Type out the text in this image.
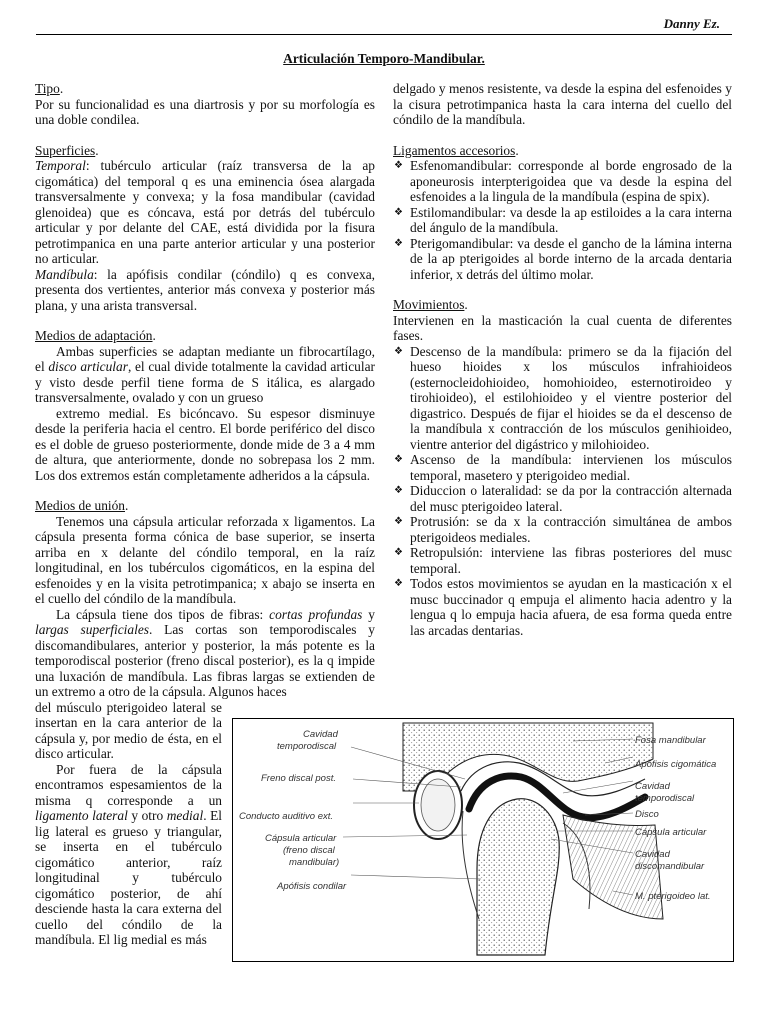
Danny Ez.
Articulación Temporo-Mandibular.

Tipo.

Por su funcionalidad es una diartrosis y por su morfología es una doble condilea.

Superficies.

Temporal: tubérculo articular (raíz transversa de la ap cigomática) del temporal q es una eminencia ósea alargada transversalmente y convexa; y la fosa mandibular (cavidad glenoidea) que es cóncava, está por detrás del tubérculo articular y por delante del CAE, está dividida por la fisura petrotimpanica en una parte anterior articular y una posterior no articular.

Mandíbula: la apófisis condilar (cóndilo) q es convexa, presenta dos vertientes, anterior más convexa y posterior más plana, y una arista transversal.

Medios de adaptación.

Ambas superficies se adaptan mediante un fibrocartílago, el disco articular, el cual divide totalmente la cavidad articular y visto desde perfil tiene forma de S itálica, es alargado transversalmente, ovalado y con un grueso

extremo medial. Es bicóncavo. Su espesor disminuye desde la periferia hacia el centro. El borde periférico del disco es el doble de grueso posteriormente, donde mide de 3 a 4 mm de altura, que anteriormente, donde no sobrepasa los 2 mm. Los dos extremos están completamente adheridos a la cápsula.

Medios de unión.

Tenemos una cápsula articular reforzada x ligamentos. La cápsula presenta forma cónica de base superior, se inserta arriba en x delante del cóndilo temporal, en la raíz longitudinal, en los tubérculos cigomáticos, en la espina del esfenoides y en la visita petrotimpanica; x abajo se inserta en el cuello del cóndilo de la mandíbula.

La cápsula tiene dos tipos de fibras: cortas profundas y largas superficiales. Las cortas son temporodiscales y discomandibulares, anterior y posterior, la más potente es la temporodiscal posterior (freno discal posterior), es la q impide una luxación de mandíbula. Las fibras largas se extienden de un extremo a otro de la cápsula. Algunos haces

del músculo pterigoideo lateral se insertan en la cara anterior de la cápsula y, por medio de ésta, en el disco articular.

Por fuera de la cápsula encontramos espesamientos de la misma q corresponde a un ligamento lateral y otro medial. El lig lateral es grueso y triangular, se inserta en el tubérculo cigomático anterior, raíz longitudinal y tubérculo cigomático posterior, de ahí desciende hasta la cara externa del cuello del cóndilo de la mandíbula. El lig medial es más

delgado y menos resistente, va desde la espina del esfenoides y la cisura petrotimpanica hasta la cara interna del cuello del cóndilo de la mandíbula.

Ligamentos accesorios.

❖ Esfenomandibular: corresponde al borde engrosado de la aponeurosis interpterigoidea que va desde la espina del esfenoides a la lingula de la mandíbula (espina de spix).

❖ Estilomandibular: va desde la ap estiloides a la cara interna del ángulo de la mandíbula.

❖ Pterigomandibular: va desde el gancho de la lámina interna de la ap pterigoides al borde interno de la arcada dentaria inferior, x detrás del último molar.

Movimientos.

Intervienen en la masticación la cual cuenta de diferentes fases.

❖ Descenso de la mandíbula: primero se da la fijación del hueso hioides x los músculos infrahioideos (esternocleidohioideo, homohioideo, esternotiroideo y tirohioideo), el estilohioideo y el vientre posterior del digastrico. Después de fijar el hioides se da el descenso de la mandíbula x contracción de los músculos genihioideo, vientre anterior del digástrico y milohioideo.

❖ Ascenso de la mandíbula: intervienen los músculos temporal, masetero y pterigoideo medial.

❖ Diduccion o lateralidad: se da por la contracción alternada del musc pterigoideo lateral.

❖ Protrusión: se da x la contracción simultánea de ambos pterigoideos mediales.

❖ Retropulsión: interviene las fibras posteriores del musc temporal.

❖ Todos estos movimientos se ayudan en la masticación x el musc buccinador q empuja el alimento hacia adentro y la lengua q lo empuja hacia afuera, de esa forma queda entre las arcadas dentarias.

Cavidad
temporodiscal
Freno discal post.
Conducto auditivo ext.
Cápsula articular
(freno discal
mandibular)
Apófisis condilar
Fosa mandibular
Apófisis cigomática
Cavidad
temporodiscal
Disco
Cápsula articular
Cavidad
discomandibular
M. pterigoideo lat.
